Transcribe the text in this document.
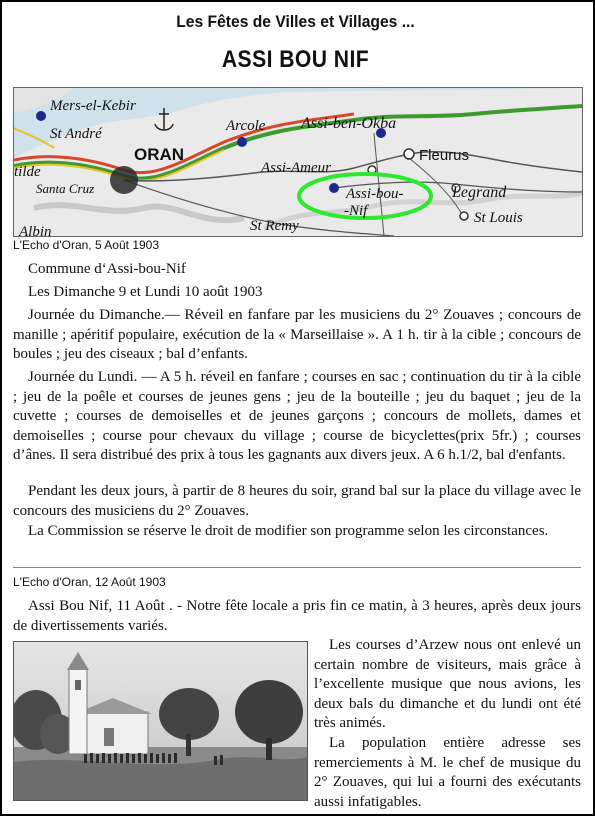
Les Fêtes de Villes et Villages ...
ASSI BOU NIF
Mers-el-Kebir
St André
tilde
Santa Cruz
Albin
Arcole Assi-ben-Okba
Assi-Ameur
Assi-bou-
-Nif
Legrand
St Louis
St Remy
ORAN	Fleurus
L'Echo d'Oran, 5 Août 1903

Commune d‘Assi-bou-Nif

Les Dimanche 9 et Lundi 10 août 1903

Journée du Dimanche.— Réveil en fanfare par les musiciens du 2° Zouaves ; concours de manille ; apéritif populaire, exécution de la « Marseillaise ». A 1 h. tir à la cible ; concours de boules ; jeu des ciseaux ; bal d’enfants.

Journée du Lundi. — A 5 h. réveil en fanfare ; courses en sac ; continuation du tir à la cible ; jeu de la poêle et courses de jeunes gens ; jeu de la bouteille ; jeu du baquet ; jeu de la cuvette ; courses de demoiselles et de jeunes garçons ; concours de mollets, dames et demoiselles ; course pour chevaux du village ; course de bicyclettes(prix 5fr.) ; courses d’ânes. Il sera distribué des prix à tous les gagnants aux divers jeux. A 6 h.1/2, bal d'enfants.

Pendant les deux jours, à partir de 8 heures du soir, grand bal sur la place du village avec le concours des musiciens du 2° Zouaves.

La Commission se réserve le droit de modifier son programme selon les circonstances.

L'Echo d'Oran, 12 Août 1903

Assi Bou Nif, 11 Août . - Notre fête locale a pris fin ce matin, à 3 heures, après deux jours de divertissements variés.

Les courses d’Arzew nous ont enlevé un certain nombre de visiteurs, mais grâce à l’excellente musique que nous avions, les deux bals du dimanche et du lundi ont été très animés.

La population entière adresse ses remerciements à M. le chef de musique du 2° Zouaves, qui lui a fourni des exécutants aussi infatigables.
